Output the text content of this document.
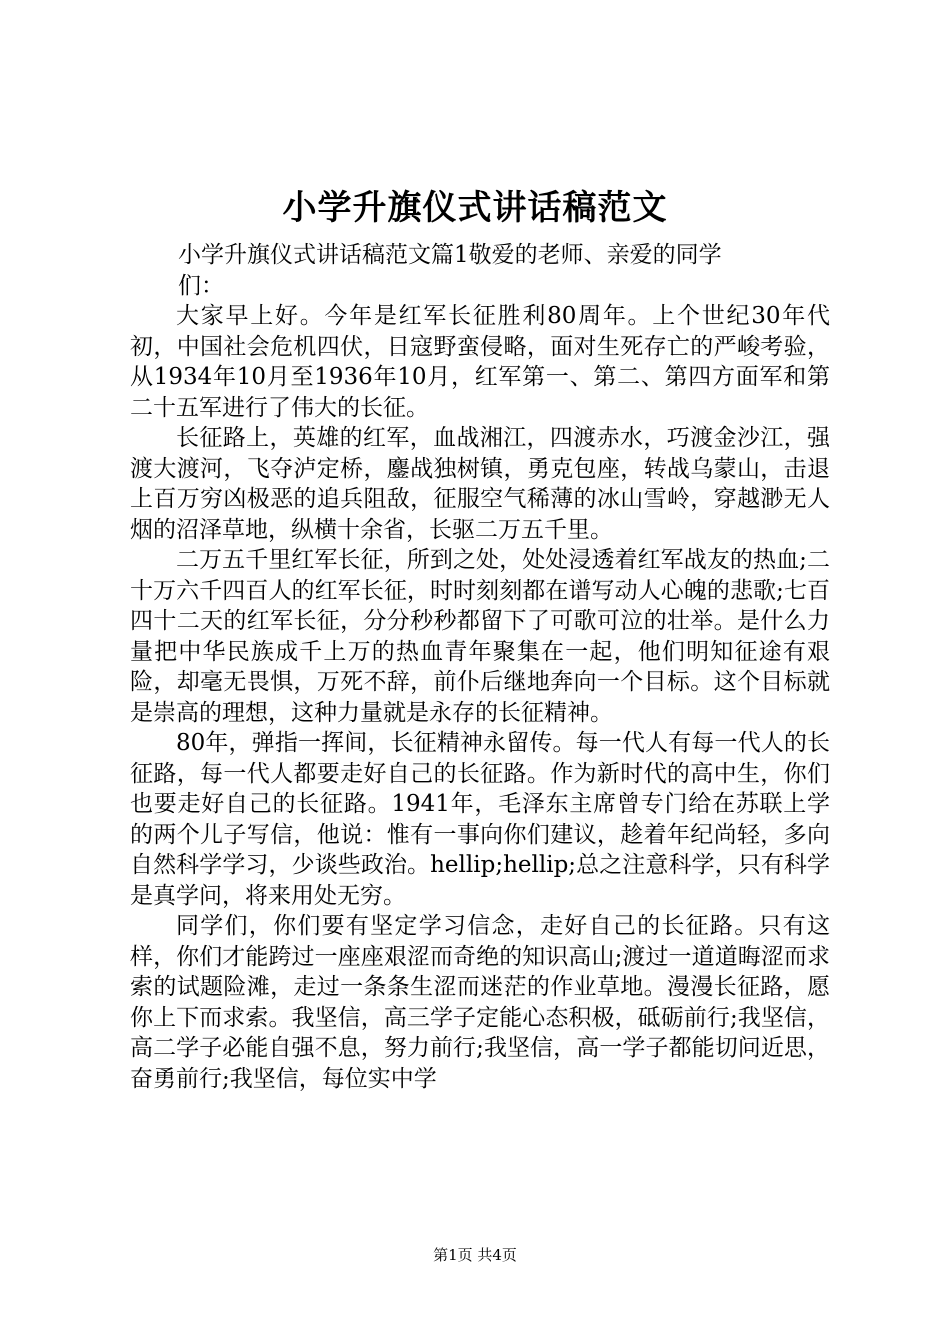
小学升旗仪式讲话稿范文

小学升旗仪式讲话稿范文篇1敬爱的老师、亲爱的同学们：

大家早上好。今年是红军长征胜利80周年。上个世纪30年代初，中国社会危机四伏，日寇野蛮侵略，面对生死存亡的严峻考验，从1934年10月至1936年10月，红军第一、第二、第四方面军和第二十五军进行了伟大的长征。

长征路上，英雄的红军，血战湘江，四渡赤水，巧渡金沙江，强渡大渡河，飞夺泸定桥，鏖战独树镇，勇克包座，转战乌蒙山，击退上百万穷凶极恶的追兵阻敌，征服空气稀薄的冰山雪岭，穿越渺无人烟的沼泽草地，纵横十余省，长驱二万五千里。

二万五千里红军长征，所到之处，处处浸透着红军战友的热血;二十万六千四百人的红军长征，时时刻刻都在谱写动人心魄的悲歌;七百四十二天的红军长征，分分秒秒都留下了可歌可泣的壮举。是什么力量把中华民族成千上万的热血青年聚集在一起，他们明知征途有艰险，却毫无畏惧，万死不辞，前仆后继地奔向一个目标。这个目标就是崇高的理想，这种力量就是永存的长征精神。

80年，弹指一挥间，长征精神永留传。每一代人有每一代人的长征路，每一代人都要走好自己的长征路。作为新时代的高中生，你们也要走好自己的长征路。1941年，毛泽东主席曾专门给在苏联上学的两个儿子写信，他说：惟有一事向你们建议，趁着年纪尚轻，多向自然科学学习，少谈些政治。hellip;hellip;总之注意科学，只有科学是真学问，将来用处无穷。

同学们，你们要有坚定学习信念，走好自己的长征路。只有这样，你们才能跨过一座座艰涩而奇绝的知识高山;渡过一道道晦涩而求索的试题险滩，走过一条条生涩而迷茫的作业草地。漫漫长征路，愿你上下而求索。我坚信，高三学子定能心态积极，砥砺前行;我坚信，高二学子必能自强不息，努力前行;我坚信，高一学子都能切问近思，奋勇前行;我坚信，每位实中学

第1页 共4页
